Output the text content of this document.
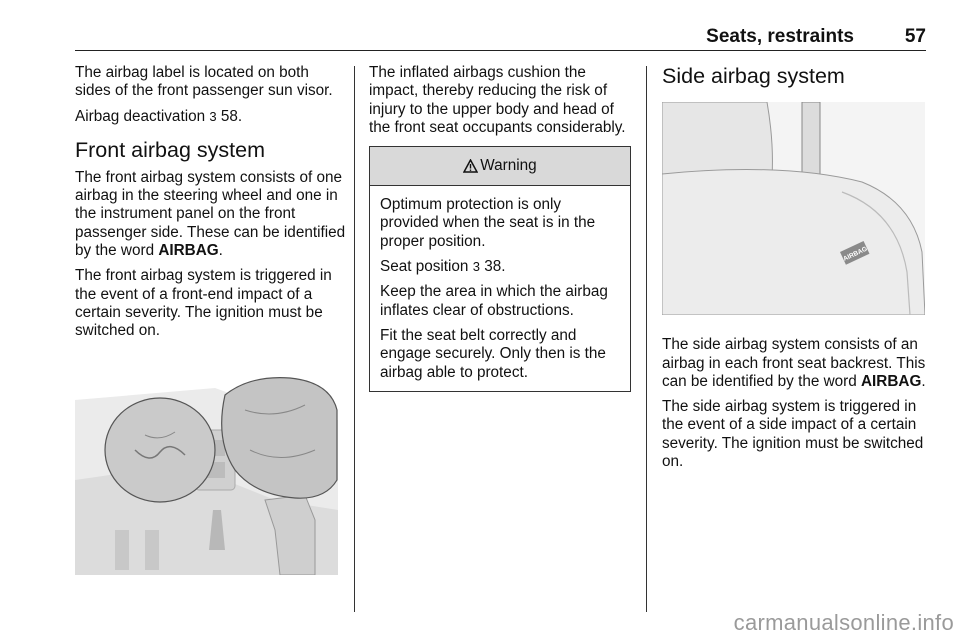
Seats, restraints	57

The airbag label is located on both sides of the front passenger sun visor.

Airbag deactivation 3 58.

Front airbag system

The front airbag system consists of one airbag in the steering wheel and one in the instrument panel on the front passenger side. These can be identified by the word AIRBAG.

The front airbag system is triggered in the event of a front-end impact of a certain severity. The ignition must be switched on.

The inflated airbags cushion the impact, thereby reducing the risk of injury to the upper body and head of the front seat occupants considerably.

Warning

Optimum protection is only provided when the seat is in the proper position.

Seat position 3 38.

Keep the area in which the airbag inflates clear of obstructions.

Fit the seat belt correctly and engage securely. Only then is the airbag able to protect.

Side airbag system
AIRBAG

The side airbag system consists of an airbag in each front seat backrest. This can be identified by the word AIRBAG.

The side airbag system is triggered in the event of a side impact of a certain severity. The ignition must be switched on.

carmanualsonline.info
